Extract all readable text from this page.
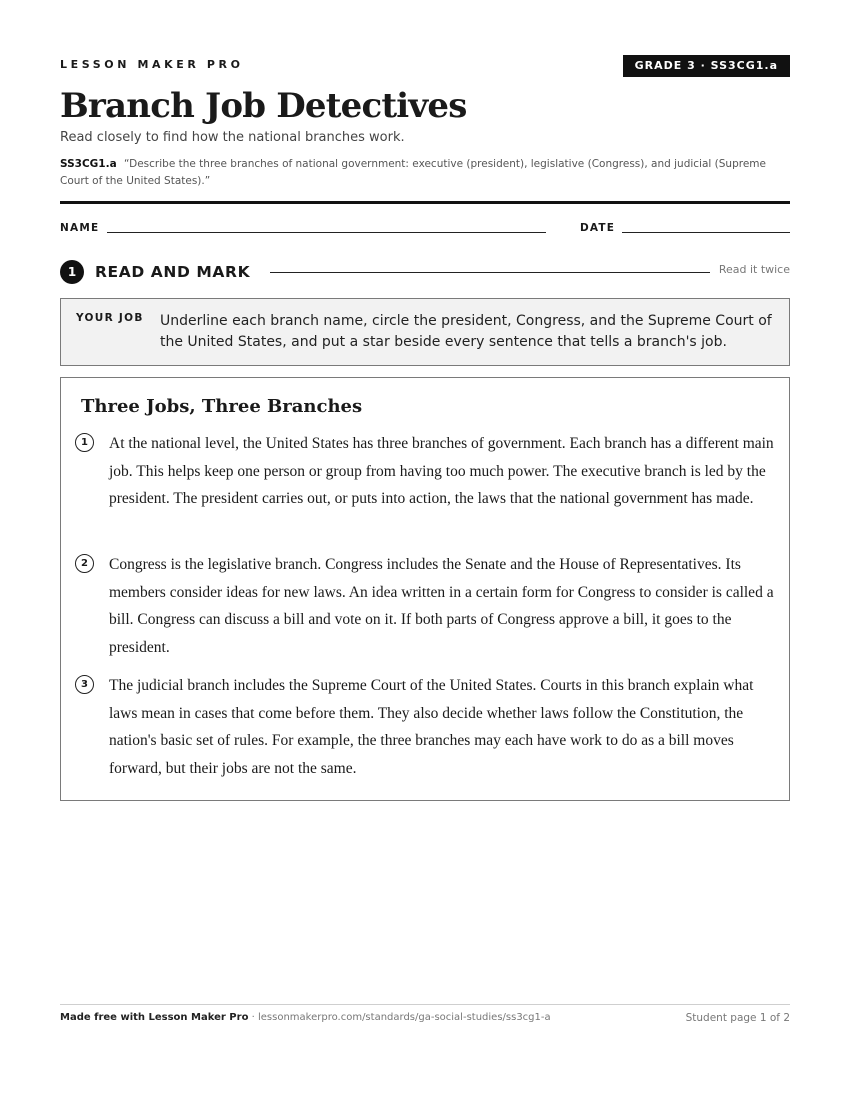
LESSON MAKER PRO	GRADE 3 · SS3CG1.a
Branch Job Detectives
Read closely to find how the national branches work.
SS3CG1.a “Describe the three branches of national government: executive (president), legislative (Congress), and judicial (Supreme Court of the United States).”
NAME	DATE
1	READ AND MARK	Read it twice
YOUR JOB Underline each branch name, circle the president, Congress, and the Supreme Court of the United States, and put a star beside every sentence that tells a branch's job.
Three Jobs, Three Branches
1	At the national level, the United States has three branches of government. Each branch has a different main job. This helps keep one person or group from having too much power. The executive branch is led by the president. The president carries out, or puts into action, the laws that the national government has made.
2	Congress is the legislative branch. Congress includes the Senate and the House of Representatives. Its members consider ideas for new laws. An idea written in a certain form for Congress to consider is called a bill. Congress can discuss a bill and vote on it. If both parts of Congress approve a bill, it goes to the president.
3	The judicial branch includes the Supreme Court of the United States. Courts in this branch explain what laws mean in cases that come before them. They also decide whether laws follow the Constitution, the nation's basic set of rules. For example, the three branches may each have work to do as a bill moves forward, but their jobs are not the same.
Made free with Lesson Maker Pro · lessonmakerpro.com/standards/ga-social-studies/ss3cg1-a	Student page 1 of 2
